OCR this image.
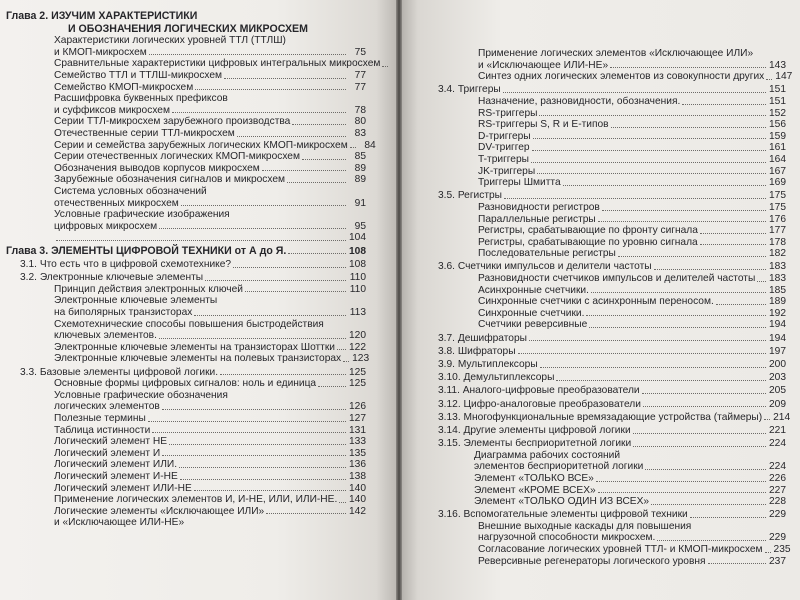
Глава 2. ИЗУЧИМ ХАРАКТЕРИСТИКИ
И ОБОЗНАЧЕНИЯ ЛОГИЧЕСКИХ МИКРОСХЕМ
Характеристики логических уровней ТТЛ (ТТЛШ)
и КМОП-микросхем	75
Сравнительные характеристики цифровых интегральных микросхем
Семейство ТТЛ и ТТЛШ-микросхем	77
Семейство КМОП-микросхем	77
Расшифровка буквенных префиксов
и суффиксов микросхем	78
Серии ТТЛ-микросхем зарубежного производства	80
Отечественные серии ТТЛ-микросхем	83
Серии и семейства зарубежных логических КМОП-микросхем	84
Серии отечественных логических КМОП-микросхем	85
Обозначения выводов корпусов микросхем	89
Зарубежные обозначения сигналов и микросхем	89
Система условных обозначений
отечественных микросхем	91
Условные графические изображения
цифровых микросхем	95
104
Глава 3. ЭЛЕМЕНТЫ ЦИФРОВОЙ ТЕХНИКИ от А до Я.	108
3.1. Что есть что в цифровой схемотехнике?	108
3.2. Электронные ключевые элементы	110
Принцип действия электронных ключей	110
Электронные ключевые элементы
на биполярных транзисторах	113
Схемотехнические способы повышения быстродействия
ключевых элементов.	120
Электронные ключевые элементы на транзисторах Шоттки 122
Электронные ключевые элементы на полевых транзисторах 123
3.3. Базовые элементы цифровой логики.	125
Основные формы цифровых сигналов: ноль и единица	125
Условные графические обозначения
логических элементов	126
Полезные термины	127
Таблица истинности	131
Логический элемент НЕ	133
Логический элемент И	135
Логический элемент ИЛИ.	136
Логический элемент И-НЕ	138
Логический элемент ИЛИ-НЕ	140
Применение логических элементов И, И-НЕ, ИЛИ, ИЛИ-НЕ. 140
Логические элементы «Исключающее ИЛИ»	142
и «Исключающее ИЛИ-НЕ»
Применение логических элементов «Исключающее ИЛИ»
и «Исключающее ИЛИ-НЕ»	143
Синтез одних логических элементов из совокупности других 147
3.4. Триггеры	151
Назначение, разновидности, обозначения.	151
RS-триггеры	152
RS-триггеры S, R и E-типов	156
D-триггеры	159
DV-триггер	161
T-триггеры	164
JK-триггеры	167
Триггеры Шмитта	169
3.5. Регистры	175
Разновидности регистров	175
Параллельные регистры	176
Регистры, срабатывающие по фронту сигнала	177
Регистры, срабатывающие по уровню сигнала	178
Последовательные регистры	182
3.6. Счетчики импульсов и делители частоты	183
Разновидности счетчиков импульсов и делителей частоты 183
Асинхронные счетчики.	185
Синхронные счетчики с асинхронным переносом.	189
Синхронные счетчики.	192
Счетчики реверсивные	194
3.7. Дешифраторы	194
3.8. Шифраторы	197
3.9. Мультиплексоры	200
3.10. Демультиплексоры	203
3.11. Аналого-цифровые преобразователи	205
3.12. Цифро-аналоговые преобразователи	209
3.13. Многофункциональные времязадающие устройства (таймеры) 214
3.14. Другие элементы цифровой логики	221
3.15. Элементы бесприоритетной логики	224
Диаграмма рабочих состояний
элементов бесприоритетной логики	224
Элемент «ТОЛЬКО ВСЕ»	226
Элемент «КРОМЕ ВСЕХ»	227
Элемент «ТОЛЬКО ОДИН ИЗ ВСЕХ»	228
3.16. Вспомогательные элементы цифровой техники	229
Внешние выходные каскады для повышения
нагрузочной способности микросхем.	229
Согласование логических уровней ТТЛ- и КМОП-микросхем 235
Реверсивные регенераторы логического уровня	237
